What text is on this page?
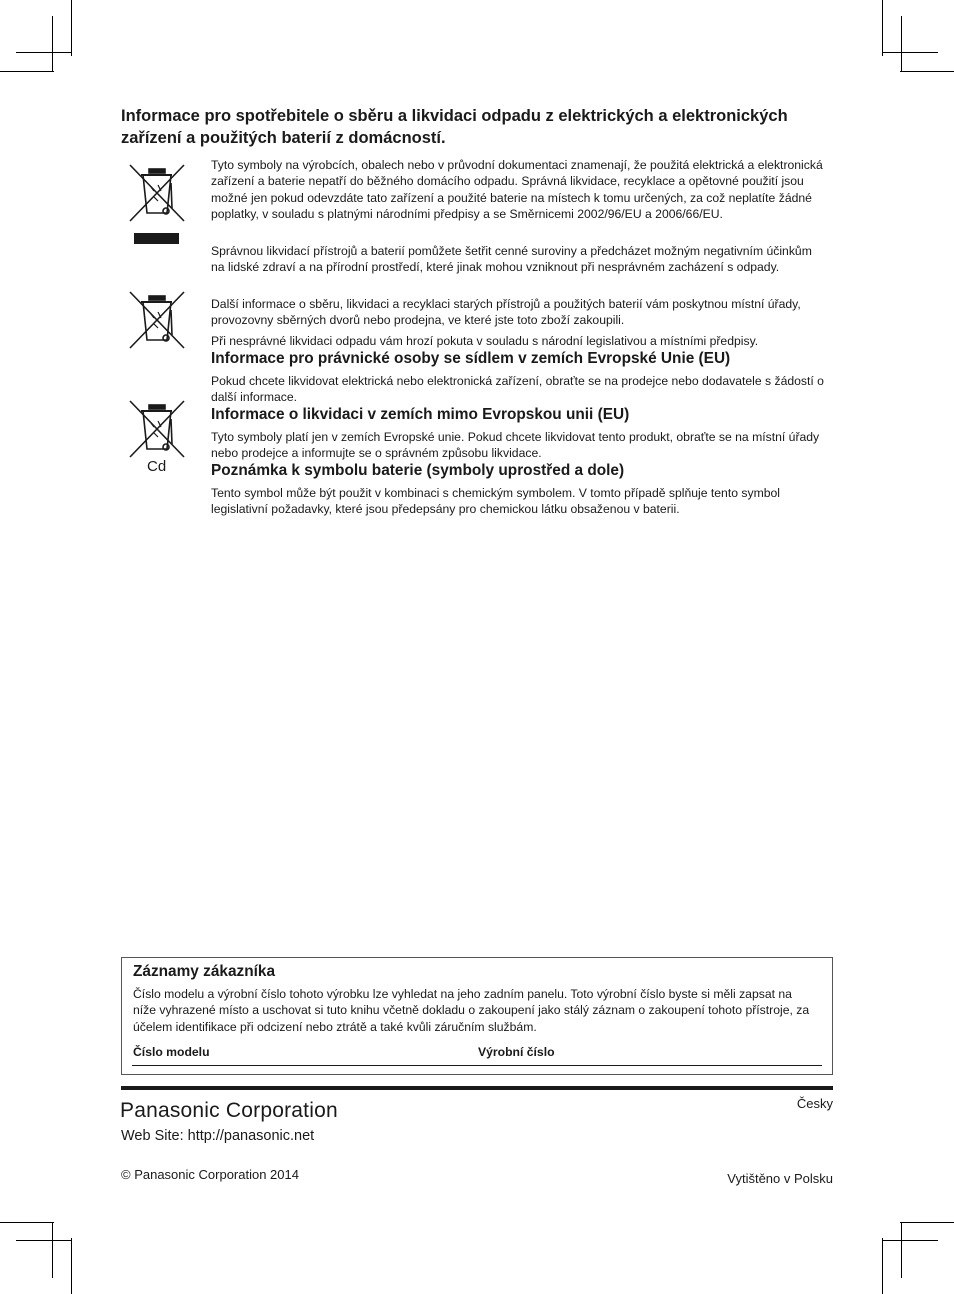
Informace pro spotřebitele o sběru a likvidaci odpadu z elektrických a elektronických zařízení a použitých baterií z domácností.
Cd

Tyto symboly na výrobcích, obalech nebo v průvodní dokumentaci znamenají, že použitá elektrická a elektronická zařízení a baterie nepatří do běžného domácího odpadu. Správná likvidace, recyklace a opětovné použití jsou možné jen pokud odevzdáte tato zařízení a použité baterie na místech k tomu určených, za což neplatíte žádné poplatky, v souladu s platnými národními předpisy a se Směrnicemi 2002/96/EU a 2006/66/EU.

Správnou likvidací přístrojů a baterií pomůžete šetřit cenné suroviny a předcházet možným negativním účinkům na lidské zdraví a na přírodní prostředí, které jinak mohou vzniknout při nesprávném zacházení s odpady.

Další informace o sběru, likvidaci a recyklaci starých přístrojů a použitých baterií vám poskytnou místní úřady, provozovny sběrných dvorů nebo prodejna, ve které jste toto zboží zakoupili.

Při nesprávné likvidaci odpadu vám hrozí pokuta v souladu s národní legislativou a místními předpisy.

Informace pro právnické osoby se sídlem v zemích Evropské Unie (EU)

Pokud chcete likvidovat elektrická nebo elektronická zařízení, obraťte se na prodejce nebo dodavatele s žádostí o další informace.

Informace o likvidaci v zemích mimo Evropskou unii (EU)

Tyto symboly platí jen v zemích Evropské unie. Pokud chcete likvidovat tento produkt, obraťte se na místní úřady nebo prodejce a informujte se o správném způsobu likvidace.

Poznámka k symbolu baterie (symboly uprostřed a dole)

Tento symbol může být použit v kombinaci s chemickým symbolem. V tomto případě splňuje tento symbol legislativní požadavky, které jsou předepsány pro chemickou látku obsaženou v baterii.

Záznamy zákazníka

Číslo modelu a výrobní číslo tohoto výrobku lze vyhledat na jeho zadním panelu. Toto výrobní číslo byste si měli zapsat na níže vyhrazené místo a uschovat si tuto knihu včetně dokladu o zakoupení jako stálý záznam o zakoupení tohoto přístroje, za účelem identifikace při odcizení nebo ztrátě a také kvůli záručním službám.

Číslo modelu	Výrobní číslo
Česky
Panasonic Corporation
Web Site: http://panasonic.net
© Panasonic Corporation 2014	Vytištěno v Polsku
